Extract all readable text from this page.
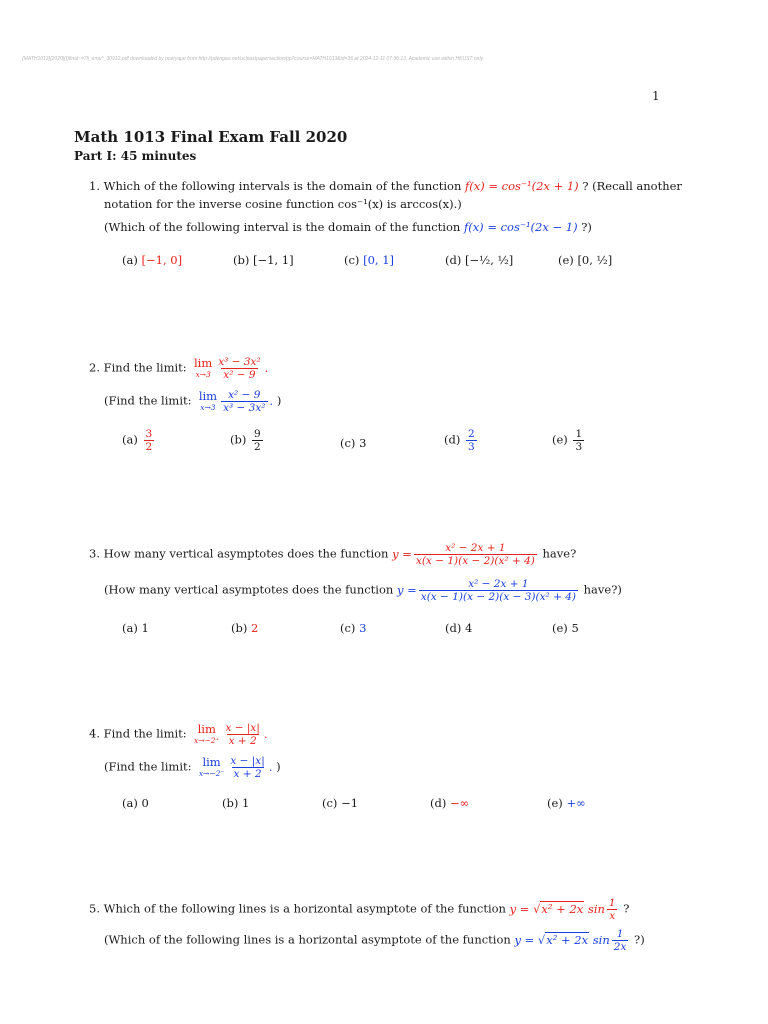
(MATH1013)[2020](f)final~=7li_emu^_30912.pdf downloaded by pceryape from http://pdengao.net/uclpastpapersection/pp?course=MATH1013&id=36 at 2024-12-11 07:36:13. Academic use within HKUST only.
1
Math 1013 Final Exam Fall 2020
Part I: 45 minutes
1. Which of the following intervals is the domain of the function f(x) = cos⁻¹(2x + 1) ? (Recall another
notation for the inverse cosine function cos⁻¹(x) is arccos(x).)
(Which of the following interval is the domain of the function f(x) = cos⁻¹(2x − 1) ?)
(a) [−1, 0]	(b) [−1, 1]	(c) [0, 1]	(d) [−½, ½]	(e) [0, ½]
2. Find the limit: lim
$x\to 3 \frac{\text{x³ − 3x²}}{\text{x² − 9}}$ .
(Find the limit: lim
$x\to 3 \frac{\text{x² − 9}}{\text{x³ − 3x²}}$ . )
$(a) \frac{3}{2}$	$(b) \frac{9}{2}$	(c) 3	$(d) \frac{2}{3}$	$(e) \frac{1}{3}$
3. How many vertical asymptotes does the function $y = \frac{\text{x² − 2x + 1}}{\text{x(x − 1)(x − 2)(x² + 4)}}$ have?
(How many vertical asymptotes does the function $y = \frac{\text{x² − 2x + 1}}{\text{x(x − 1)(x − 2)(x − 3)(x² + 4)}}$ have?)
(a) 1	(b) 2	(c) 3	(d) 4	(e) 5
4. Find the limit: lim
$x\to-2^+ \frac{x - |x|}{x + 2}$ .
(Find the limit: lim
$x\to-2^- \frac{x - |x|}{x + 2}$ . )
(a) 0	(b) 1	(c) −1	(d) −∞	(e) +∞
5. Which of the following lines is a horizontal asymptote of the function y = √x² + 2x $\sin \frac{1}{x}$ ?
(Which of the following lines is a horizontal asymptote of the function y = √x² + 2x $\sin \frac{1}{2x}$ ?)
